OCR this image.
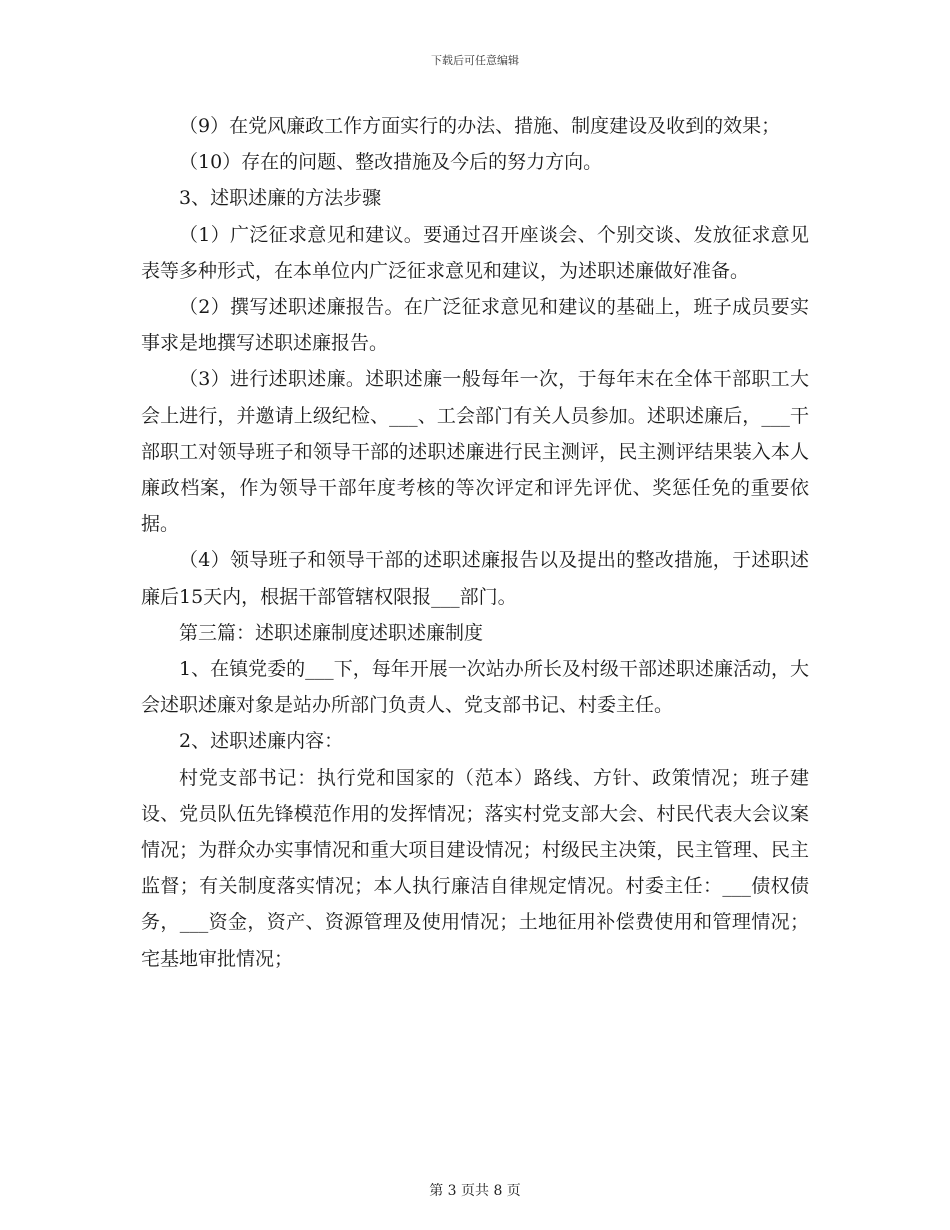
下载后可任意编辑

（9）在党风廉政工作方面实行的办法、措施、制度建设及收到的效果；

（10）存在的问题、整改措施及今后的努力方向。

3、述职述廉的方法步骤

（1）广泛征求意见和建议。要通过召开座谈会、个别交谈、发放征求意见表等多种形式，在本单位内广泛征求意见和建议，为述职述廉做好准备。

（2）撰写述职述廉报告。在广泛征求意见和建议的基础上，班子成员要实事求是地撰写述职述廉报告。

（3）进行述职述廉。述职述廉一般每年一次，于每年末在全体干部职工大会上进行，并邀请上级纪检、___、工会部门有关人员参加。述职述廉后，___干部职工对领导班子和领导干部的述职述廉进行民主测评，民主测评结果装入本人廉政档案，作为领导干部年度考核的等次评定和评先评优、奖惩任免的重要依据。

（4）领导班子和领导干部的述职述廉报告以及提出的整改措施，于述职述廉后15天内，根据干部管辖权限报___部门。

第三篇：述职述廉制度述职述廉制度

1、在镇党委的___下，每年开展一次站办所长及村级干部述职述廉活动，大会述职述廉对象是站办所部门负责人、党支部书记、村委主任。

2、述职述廉内容：

村党支部书记：执行党和国家的（范本）路线、方针、政策情况；班子建设、党员队伍先锋模范作用的发挥情况；落实村党支部大会、村民代表大会议案情况；为群众办实事情况和重大项目建设情况；村级民主决策，民主管理、民主监督；有关制度落实情况；本人执行廉洁自律规定情况。村委主任：___债权债务，___资金，资产、资源管理及使用情况；土地征用补偿费使用和管理情况；宅基地审批情况；

第 3 页共 8 页
